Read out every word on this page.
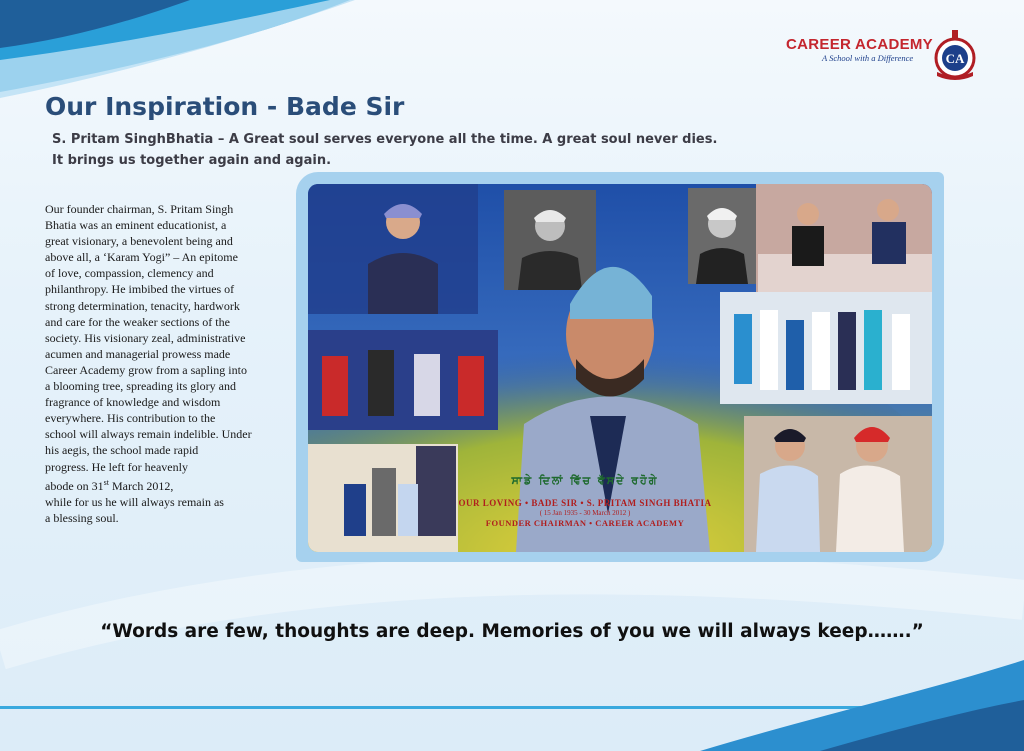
CAREER ACADEMY
A School with a Difference CA
Our Inspiration - Bade Sir
S. Pritam SinghBhatia – A Great soul serves everyone all the time. A great soul never dies.
It brings us together again and again.
Our founder chairman, S. Pritam Singh
Bhatia was an eminent educationist, a
great visionary, a benevolent being and
above all, a ‘Karam Yogi” – An epitome
of love, compassion, clemency and
philanthropy. He imbibed the virtues of
strong determination, tenacity, hardwork
and care for the weaker sections of the
society. His visionary zeal, administrative
acumen and managerial prowess made
Career Academy grow from a sapling into
a blooming tree, spreading its glory and
fragrance of knowledge and wisdom
everywhere. His contribution to the
school will always remain indelible. Under
his aegis, the school made rapid
progress. He left for heavenly
abode on 31st March 2012,
while for us he will always remain as
a blessing soul.
ਸਾਡੇ ਦਿਲਾਂ ਵਿੱਚ ਵੱਸਦੇ ਰਹੋਗੇ
OUR LOVING • BADE SIR • S. PRITAM SINGH BHATIA
( 15 Jan 1935 - 30 March 2012 )
FOUNDER CHAIRMAN • CAREER ACADEMY

“Words are few, thoughts are deep. Memories of you we will always keep…….”
